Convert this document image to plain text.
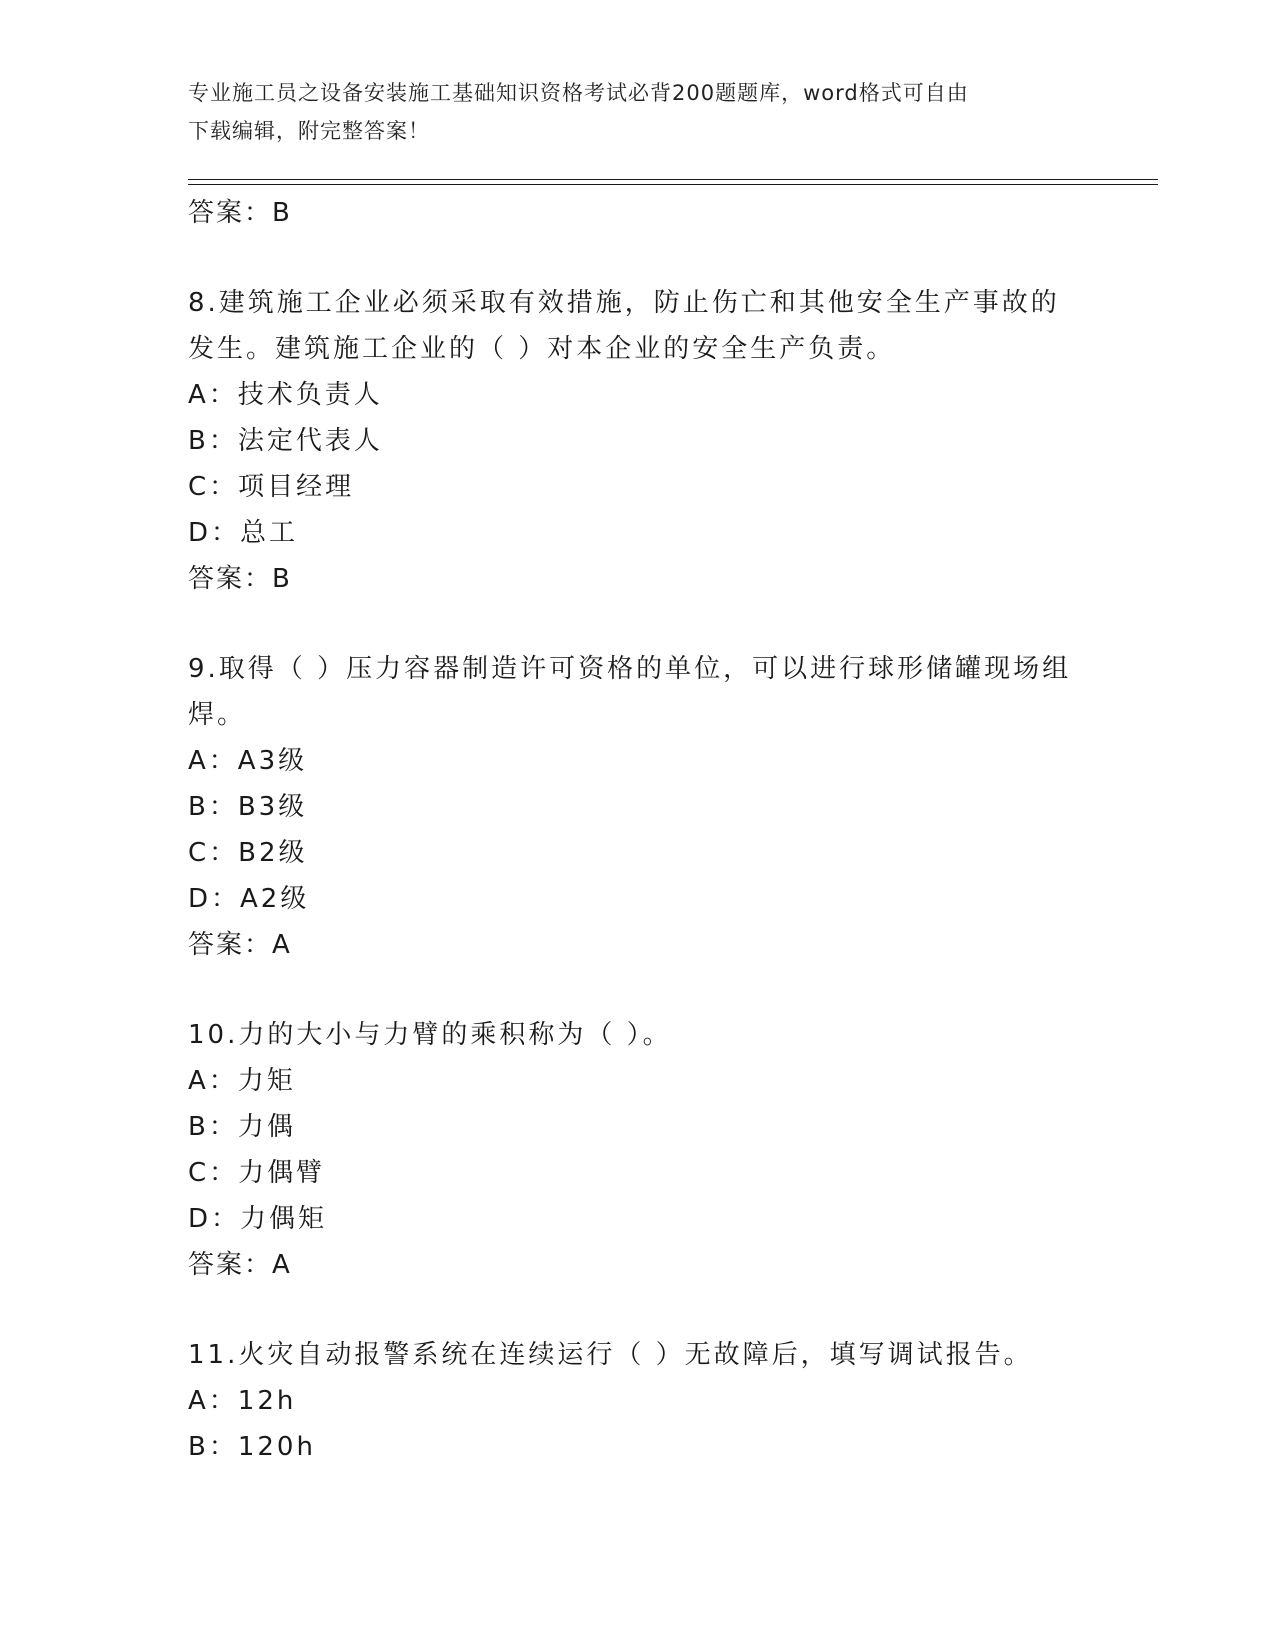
专业施工员之设备安装施工基础知识资格考试必背200题题库，word格式可自由
下载编辑，附完整答案！
答案：B
8.建筑施工企业必须采取有效措施，防止伤亡和其他安全生产事故的
发生。建筑施工企业的（ ）对本企业的安全生产负责。
A：技术负责人
B：法定代表人
C：项目经理
D：总工
答案：B
9.取得（ ）压力容器制造许可资格的单位，可以进行球形储罐现场组
焊。
A：A3级
B：B3级
C：B2级
D：A2级
答案：A
10.力的大小与力臂的乘积称为（ ）。
A：力矩
B：力偶
C：力偶臂
D：力偶矩
答案：A
11.火灾自动报警系统在连续运行（ ）无故障后，填写调试报告。
A：12h
B：120h
